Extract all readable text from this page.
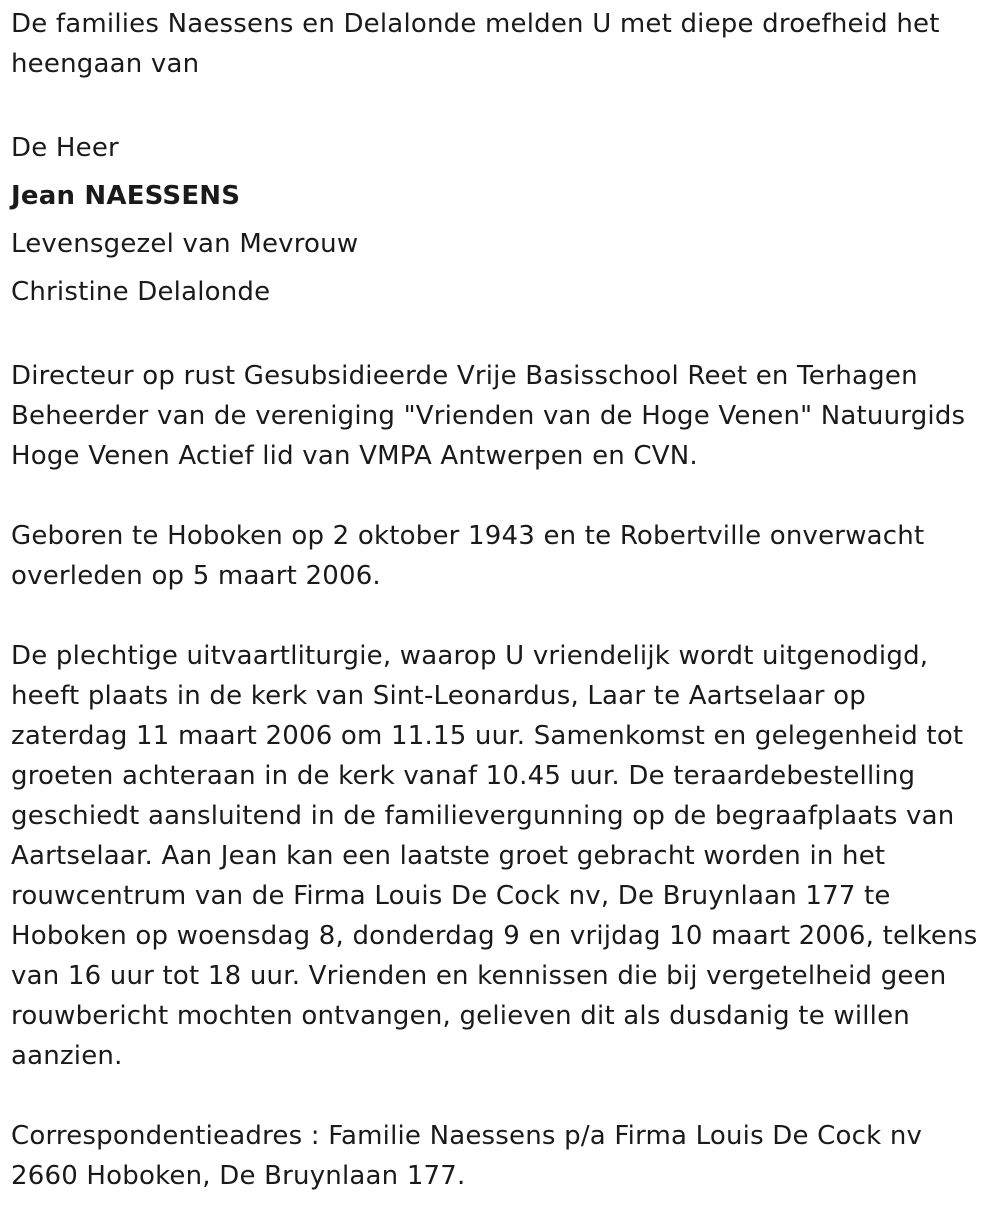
De families Naessens en Delalonde melden U met diepe droefheid het heengaan van

De Heer

Jean NAESSENS

Levensgezel van Mevrouw

Christine Delalonde

Directeur op rust Gesubsidieerde Vrije Basisschool Reet en Terhagen Beheerder van de vereniging "Vrienden van de Hoge Venen" Natuurgids Hoge Venen Actief lid van VMPA Antwerpen en CVN.

Geboren te Hoboken op 2 oktober 1943 en te Robertville onverwacht overleden op 5 maart 2006.

De plechtige uitvaartliturgie, waarop U vriendelijk wordt uitgenodigd, heeft plaats in de kerk van Sint-Leonardus, Laar te Aartselaar op zaterdag 11 maart 2006 om 11.15 uur. Samenkomst en gelegenheid tot groeten achteraan in de kerk vanaf 10.45 uur. De teraardebestelling geschiedt aansluitend in de familievergunning op de begraafplaats van Aartselaar. Aan Jean kan een laatste groet gebracht worden in het rouwcentrum van de Firma Louis De Cock nv, De Bruynlaan 177 te Hoboken op woensdag 8, donderdag 9 en vrijdag 10 maart 2006, telkens van 16 uur tot 18 uur. Vrienden en kennissen die bij vergetelheid geen rouwbericht mochten ontvangen, gelieven dit als dusdanig te willen aanzien.

Correspondentieadres : Familie Naessens p/a Firma Louis De Cock nv 2660 Hoboken, De Bruynlaan 177.
